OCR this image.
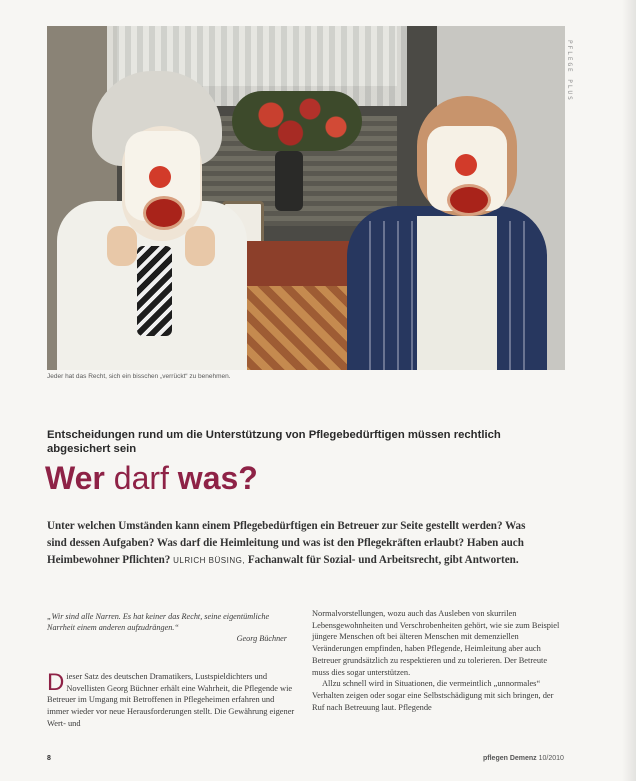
PFLEGE PLUS
Jeder hat das Recht, sich ein bisschen „verrückt“ zu benehmen.
Entscheidungen rund um die Unterstützung von Pflegebedürftigen müssen rechtlich abgesichert sein
Wer darf was?
Unter welchen Umständen kann einem Pflegebedürftigen ein Betreuer zur Seite gestellt werden? Was sind dessen Aufgaben? Was darf die Heimleitung und was ist den Pflegekräften erlaubt? Haben auch Heimbewohner Pflichten? ULRICH BÜSING, Fachanwalt für Sozial- und Arbeitsrecht, gibt Antworten.
„Wir sind alle Narren. Es hat keiner das Recht, seine eigentümliche Narrheit einem anderen aufzudrängen.“
Georg Büchner
D ieser Satz des deutschen Dramatikers, Lustspieldichters und Novellisten Georg Büchner erhält eine Wahrheit, die Pflegende wie Betreuer im Umgang mit Betroffenen in Pflegeheimen erfahren und immer wieder vor neue Herausforderungen stellt. Die Gewährung eigener Wert- und

Normalvorstellungen, wozu auch das Ausleben von skurrilen Lebensgewohnheiten und Verschrobenheiten gehört, wie sie zum Beispiel jüngere Menschen oft bei älteren Menschen mit demenziellen Veränderungen empfinden, haben Pflegende, Heimleitung aber auch Betreuer grundsätzlich zu respektieren und zu tolerieren. Der Betreute muss dies sogar unterstützen.

Allzu schnell wird in Situationen, die vermeintlich „unnormales“ Verhalten zeigen oder sogar eine Selbstschädigung mit sich bringen, der Ruf nach Betreuung laut. Pflegende

8	pflegen Demenz 10/2010
